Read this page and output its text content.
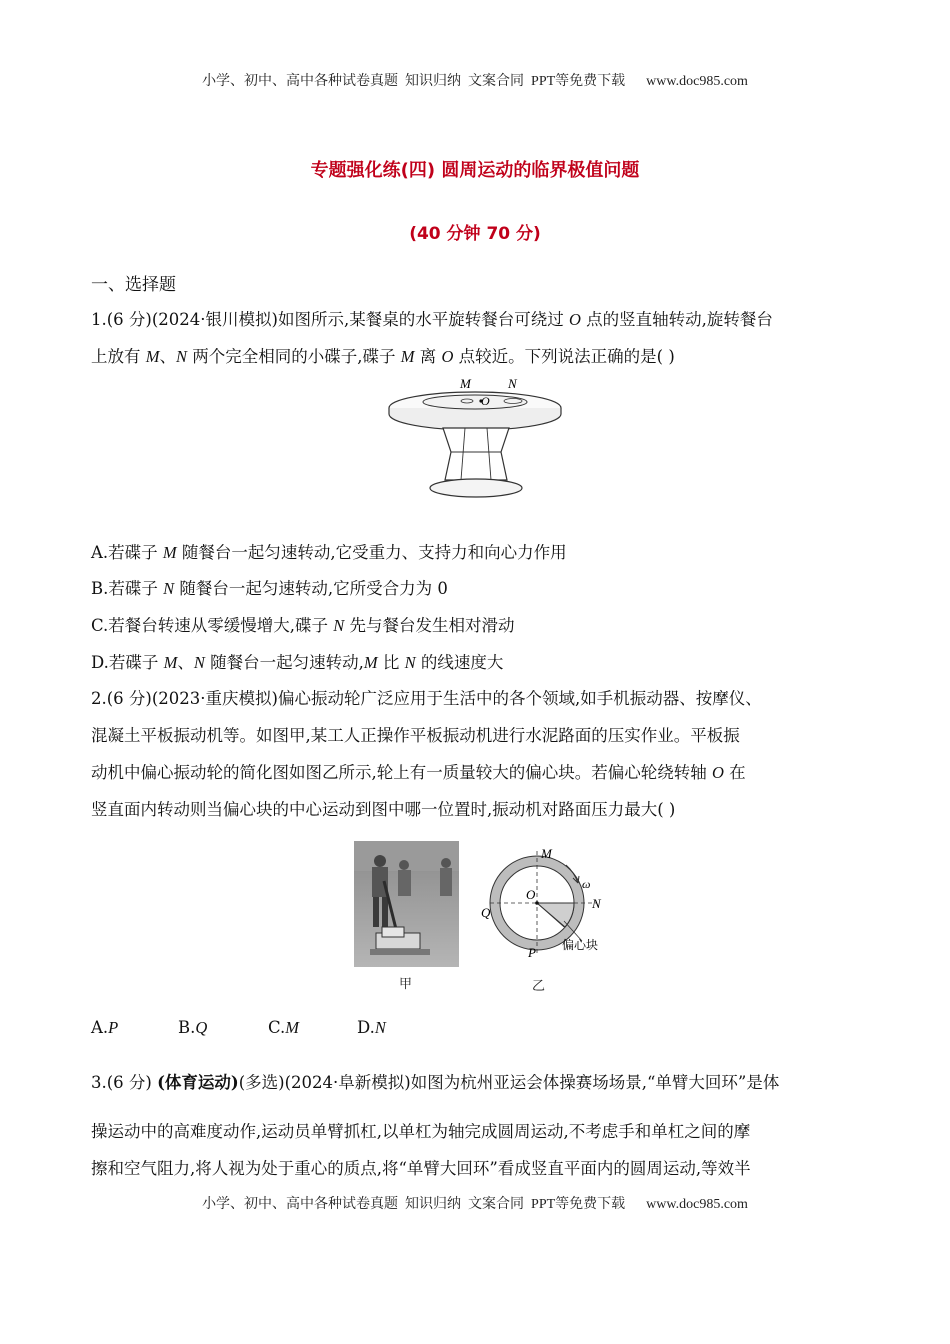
小学、初中、高中各种试卷真题  知识归纳  文案合同  PPT等免费下载      www.doc985.com
专题强化练(四) 圆周运动的临界极值问题
(40 分钟 70 分)
一、选择题
1.(6 分)(2024·银川模拟)如图所示,某餐桌的水平旋转餐台可绕过 O 点的竖直轴转动,旋转餐台
上放有 M、N 两个完全相同的小碟子,碟子 M 离 O 点较近。下列说法正确的是( )
M
O
N
A.若碟子 M 随餐台一起匀速转动,它受重力、支持力和向心力作用
B.若碟子 N 随餐台一起匀速转动,它所受合力为 0
C.若餐台转速从零缓慢增大,碟子 N 先与餐台发生相对滑动
D.若碟子 M、N 随餐台一起匀速转动,M 比 N 的线速度大
2.(6 分)(2023·重庆模拟)偏心振动轮广泛应用于生活中的各个领域,如手机振动器、按摩仪、
混凝土平板振动机等。如图甲,某工人正操作平板振动机进行水泥路面的压实作业。平板振
动机中偏心振动轮的简化图如图乙所示,轮上有一质量较大的偏心块。若偏心轮绕转轴 O 在
竖直面内转动则当偏心块的中心运动到图中哪一位置时,振动机对路面压力最大( )
M
ω
O
N
Q
P 偏心块
甲	乙
A.P	B.Q	C.M	D.N
3.(6 分) (体育运动)(多选)(2024·阜新模拟)如图为杭州亚运会体操赛场场景,“单臂大回环”是体
操运动中的高难度动作,运动员单臂抓杠,以单杠为轴完成圆周运动,不考虑手和单杠之间的摩
擦和空气阻力,将人视为处于重心的质点,将“单臂大回环”看成竖直平面内的圆周运动,等效半
小学、初中、高中各种试卷真题  知识归纳  文案合同  PPT等免费下载      www.doc985.com
